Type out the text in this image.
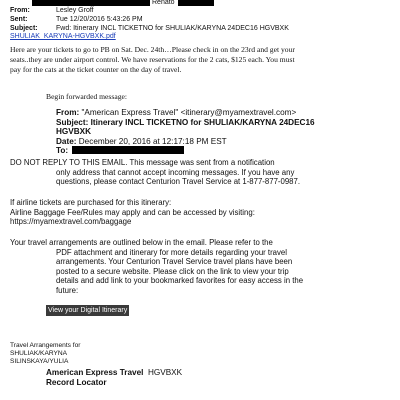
Renato
From:	Lesley Groff
Sent:	Tue 12/20/2016 5:43:26 PM
Subject:	Fwd: Itinerary INCL TICKETNO for SHULIAK/KARYNA 24DEC16 HGVBXK
SHULIAK_KARYNA-HGVBXK.pdf
Here are your tickets to go to PB on Sat. Dec. 24th…Please check in on the 23rd and get your
seats..they are under airport control. We have reservations for the 2 cats, $125 each. You must
pay for the cats at the ticket counter on the day of travel.
Begin forwarded message:
From: "American Express Travel" <itinerary@myamextravel.com>
Subject: Itinerary INCL TICKETNO for SHULIAK/KARYNA 24DEC16
HGVBXK
Date: December 20, 2016 at 12:17:18 PM EST
To:
DO NOT REPLY TO THIS EMAIL. This message was sent from a notification
only address that cannot accept incoming messages. If you have any
questions, please contact Centurion Travel Service at 1-877-877-0987.
If airline tickets are purchased for this itinerary:
Airline Baggage Fee/Rules may apply and can be accessed by visiting:
https://myamextravel.com/baggage
Your travel arrangements are outlined below in the email. Please refer to the
PDF attachment and itinerary for more details regarding your travel
arrangements. Your Centurion Travel Service travel plans have been
posted to a secure website. Please click on the link to view your trip
details and add link to your bookmarked favorites for easy access in the
future:
View your Digital Itinerary
Travel Arrangements for
SHULIAK/KARYNA
SILINSKAYA/YULIA
American Express Travel HGVBXK
Record Locator
